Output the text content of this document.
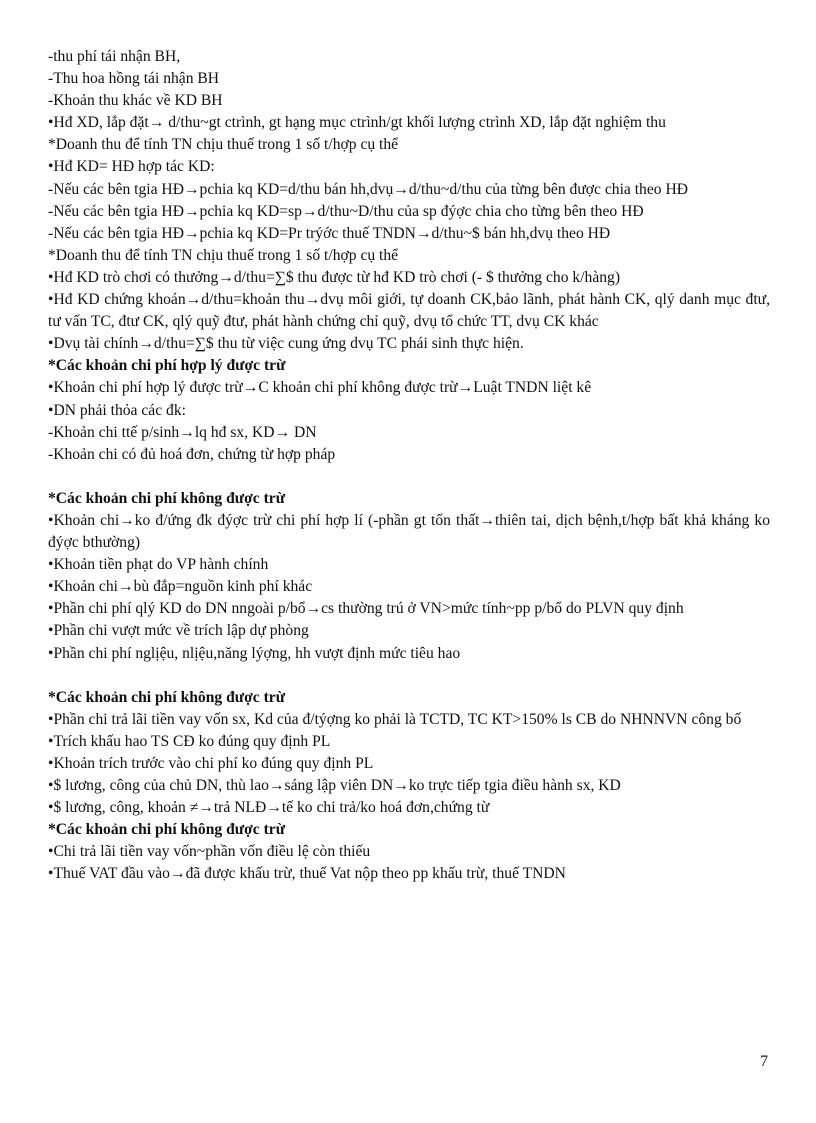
-thu phí tái nhận BH,
-Thu hoa hồng tái nhận BH
-Khoản thu khác về KD BH
•Hđ XD, lắp đặt→ d/thu~gt ctrình, gt hạng mục ctrình/gt khối lượng ctrình XD, lắp đặt nghiệm thu
*Doanh thu để tính TN chịu thuế trong 1 số t/hợp cụ thể
•Hđ KD= HĐ hợp tác KD:
-Nếu các bên tgia HĐ→pchia kq KD=d/thu bán hh,dvụ→d/thu~d/thu của từng bên được chia theo HĐ
-Nếu các bên tgia HĐ→pchia kq KD=sp→d/thu~D/thu của sp đýợc chia cho từng bên theo HĐ
-Nếu các bên tgia HĐ→pchia kq KD=Pr trýớc thuế TNDN→d/thu~$ bán hh,dvụ theo HĐ
*Doanh thu để tính TN chịu thuế trong 1 số t/hợp cụ thể
•Hđ KD trò chơi có thưởng→d/thu=∑$ thu được từ hđ KD trò chơi (- $ thưởng cho k/hàng)
•Hđ KD chứng khoán→d/thu=khoản thu→dvụ môi giới, tự doanh CK,bảo lãnh, phát hành CK, qlý danh mục đtư, tư vấn TC, đtư CK, qlý quỹ đtư, phát hành chứng chỉ quỹ, dvụ tổ chức TT, dvụ CK khác
•Dvụ tài chính→d/thu=∑$ thu từ việc cung ứng dvụ TC phái sinh thực hiện.
*Các khoản chi phí hợp lý được trừ
•Khoản chi phí hợp lý được trừ→C khoản chi phí không được trừ→Luật TNDN liệt kê
•DN phải thỏa các đk:
-Khoản chi ttế p/sinh→lq hđ sx, KD→ DN
-Khoản chi có đủ hoá đơn, chứng từ hợp pháp
*Các khoản chi phí không được trừ
•Khoản chi→ko đ/ứng đk đýợc trừ chi phí hợp lí (-phần gt tổn thất→thiên tai, dịch bệnh,t/hợp bất khả kháng ko đýợc bthường)
•Khoản tiền phạt do VP hành chính
•Khoản chi→bù đắp=nguồn kinh phí khác
•Phần chi phí qlý KD do DN nngoài p/bổ→cs thường trú ở VN>mức tính~pp p/bổ do PLVN quy định
•Phần chi vượt mức về trích lập dự phòng
•Phần chi phí nglịệu, nlịệu,năng lýợng, hh vượt định mức tiêu hao
*Các khoản chi phí không được trừ
•Phần chi trả lãi tiền vay vốn sx, Kd của đ/týợng ko phải là TCTD, TC KT>150% ls CB do NHNNVN công bố
•Trích khấu hao TS CĐ ko đúng quy định PL
•Khoản trích trước vào chi phí ko đúng quy định PL
•$ lương, công của chủ DN, thù lao→sáng lập viên DN→ko trực tiếp tgia điều hành sx, KD
•$ lương, công, khoản ≠→trả NLĐ→tế ko chi trả/ko hoá đơn,chứng từ
*Các khoản chi phí không được trừ
•Chi trả lãi tiền vay vốn~phần vốn điều lệ còn thiếu
•Thuế VAT đầu vào→đã được khấu trừ, thuế Vat nộp theo pp khấu trừ, thuế TNDN
7
